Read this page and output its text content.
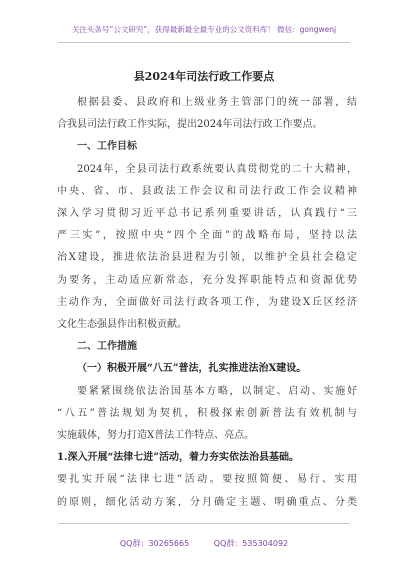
关注头条号“公文研究”，获得最新最全最专业的公文资料库！ 微信：gongwenj
县2024年司法行政工作要点

根据县委、县政府和上级业务主管部门的统一部署，结

合我县司法行政工作实际，提出2024年司法行政工作要点。

一、工作目标

2024年，全县司法行政系统要认真贯彻党的二十大精神，

中央、省、市、县政法工作会议和司法行政工作会议精神

深入学习贯彻习近平总书记系列重要讲话，认真践行“三

严三实”，按照中央“四个全面”的战略布局，坚持以法

治X建设，推进依法治县进程为引领，以维护全县社会稳定

为要务，主动适应新常态，充分发挥职能特点和资源优势

主动作为，全面做好司法行政各项工作，为建设X丘区经济

文化生态强县作出积极贡献。

二、工作措施

（一）积极开展“八五”普法，扎实推进法治X建设。

要紧紧围绕依法治国基本方略，以制定、启动、实施好

“八五”普法规划为契机，积极探索创新普法有效机制与

实施载体，努力打造X普法工作特点、亮点。

1.深入开展“法律七进”活动，着力夯实依法治县基础。

要扎实开展“法律七进”活动。要按照简便、易行、实用

的原则，细化活动方案，分月确定主题、明确重点、分类

QQ群：30265665	QQ群：535304092
